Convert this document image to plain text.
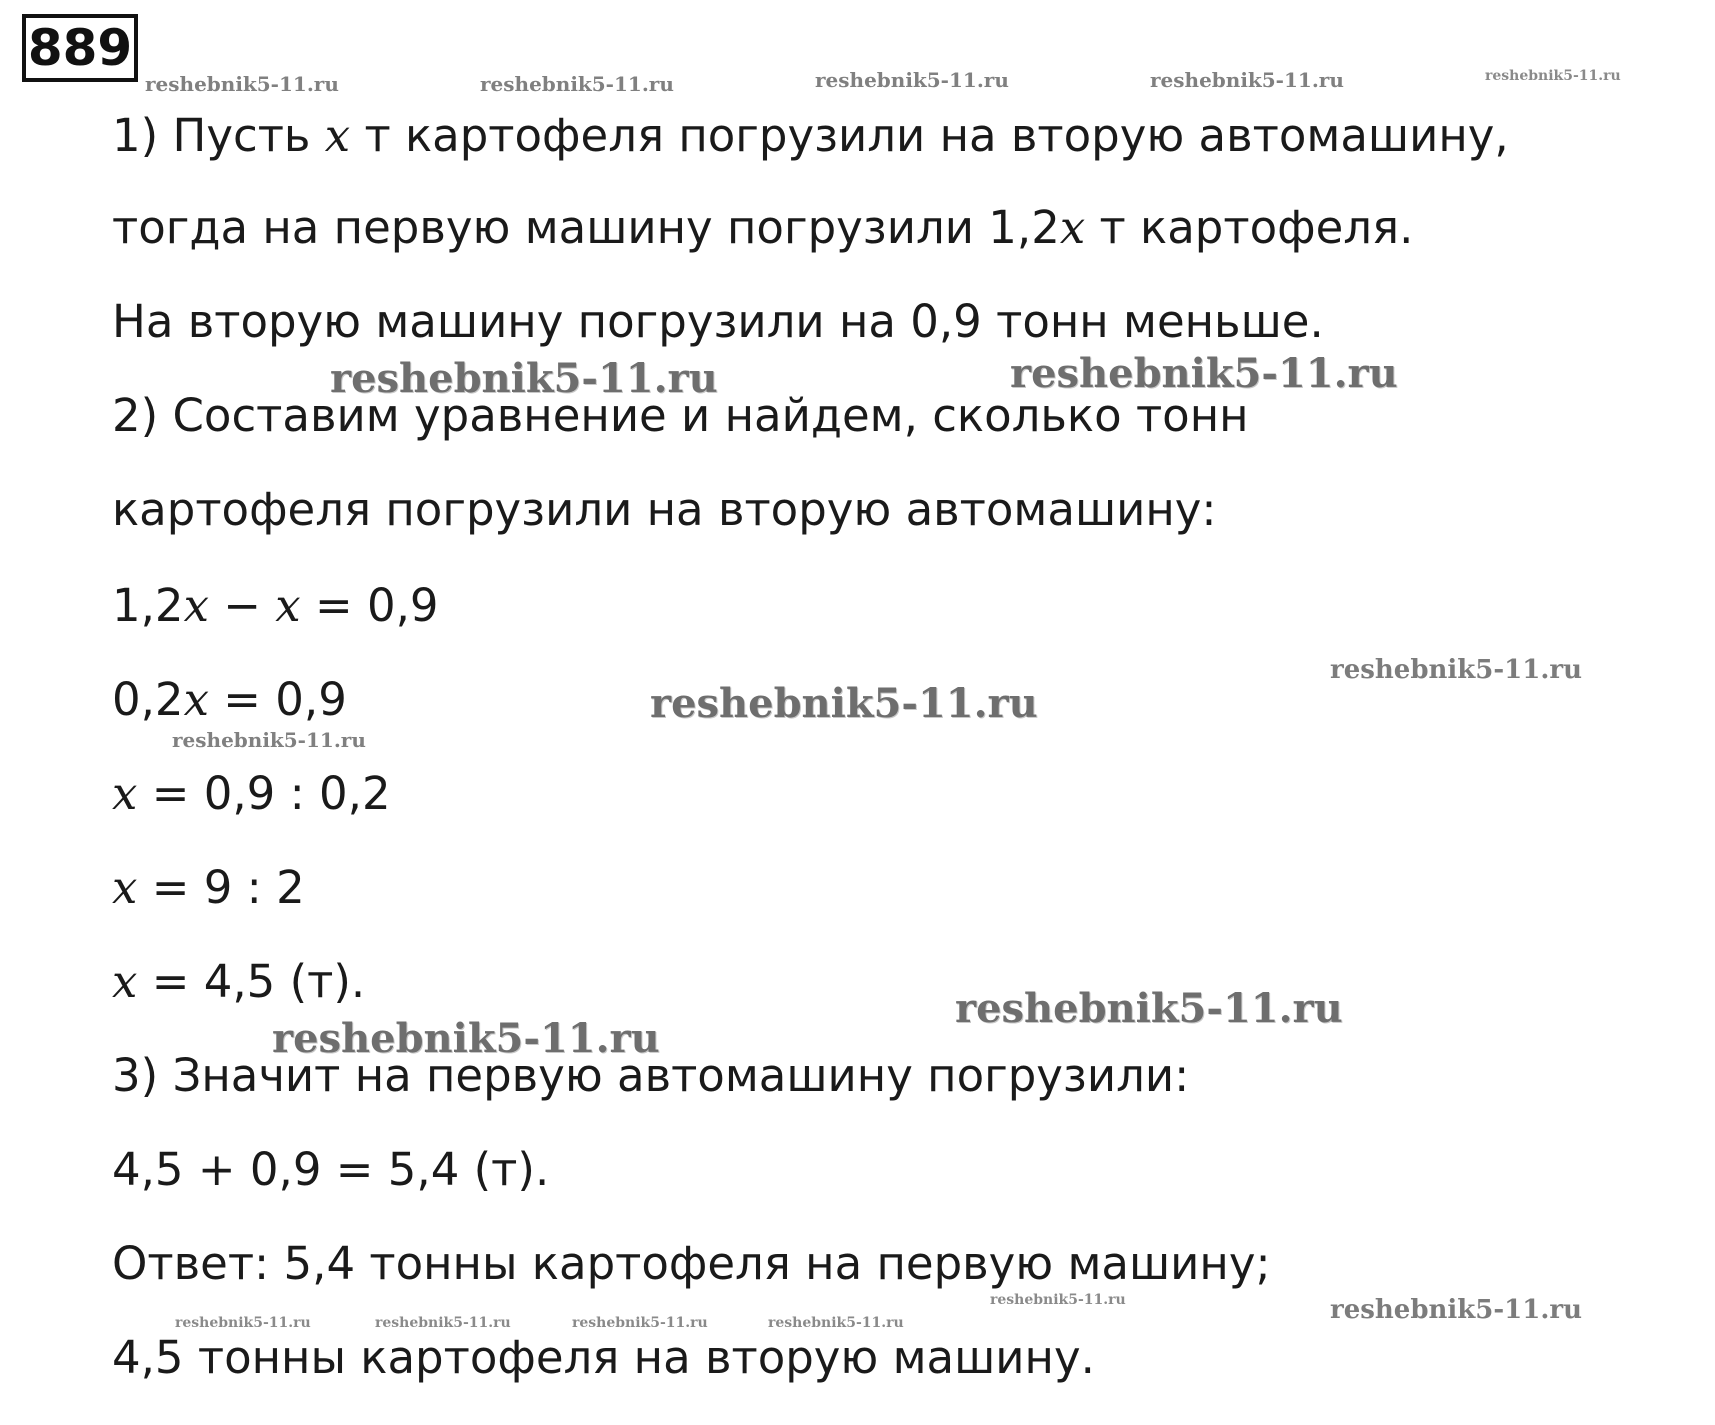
889
reshebnik5-11.ru	reshebnik5-11.ru	reshebnik5-11.ru	reshebnik5-11.ru	reshebnik5-11.ru
reshebnik5-11.ru	reshebnik5-11.ru
reshebnik5-11.ru
reshebnik5-11.ru
reshebnik5-11.ru
reshebnik5-11.ru
reshebnik5-11.ru
reshebnik5-11.ru	reshebnik5-11.ru	reshebnik5-11.ru	reshebnik5-11.ru
reshebnik5-11.ru	reshebnik5-11.ru
1) Пусть x т картофеля погрузили на вторую автомашину,
тогда на первую машину погрузили 1,2x т картофеля.
На вторую машину погрузили на 0,9 тонн меньше.
2) Составим уравнение и найдем, сколько тонн
картофеля погрузили на вторую автомашину:
1,2x − x = 0,9
0,2x = 0,9
x = 0,9 : 0,2
x = 9 : 2
x = 4,5 (т).
3) Значит на первую автомашину погрузили:
4,5 + 0,9 = 5,4 (т).
Ответ: 5,4 тонны картофеля на первую машину;
4,5 тонны картофеля на вторую машину.
